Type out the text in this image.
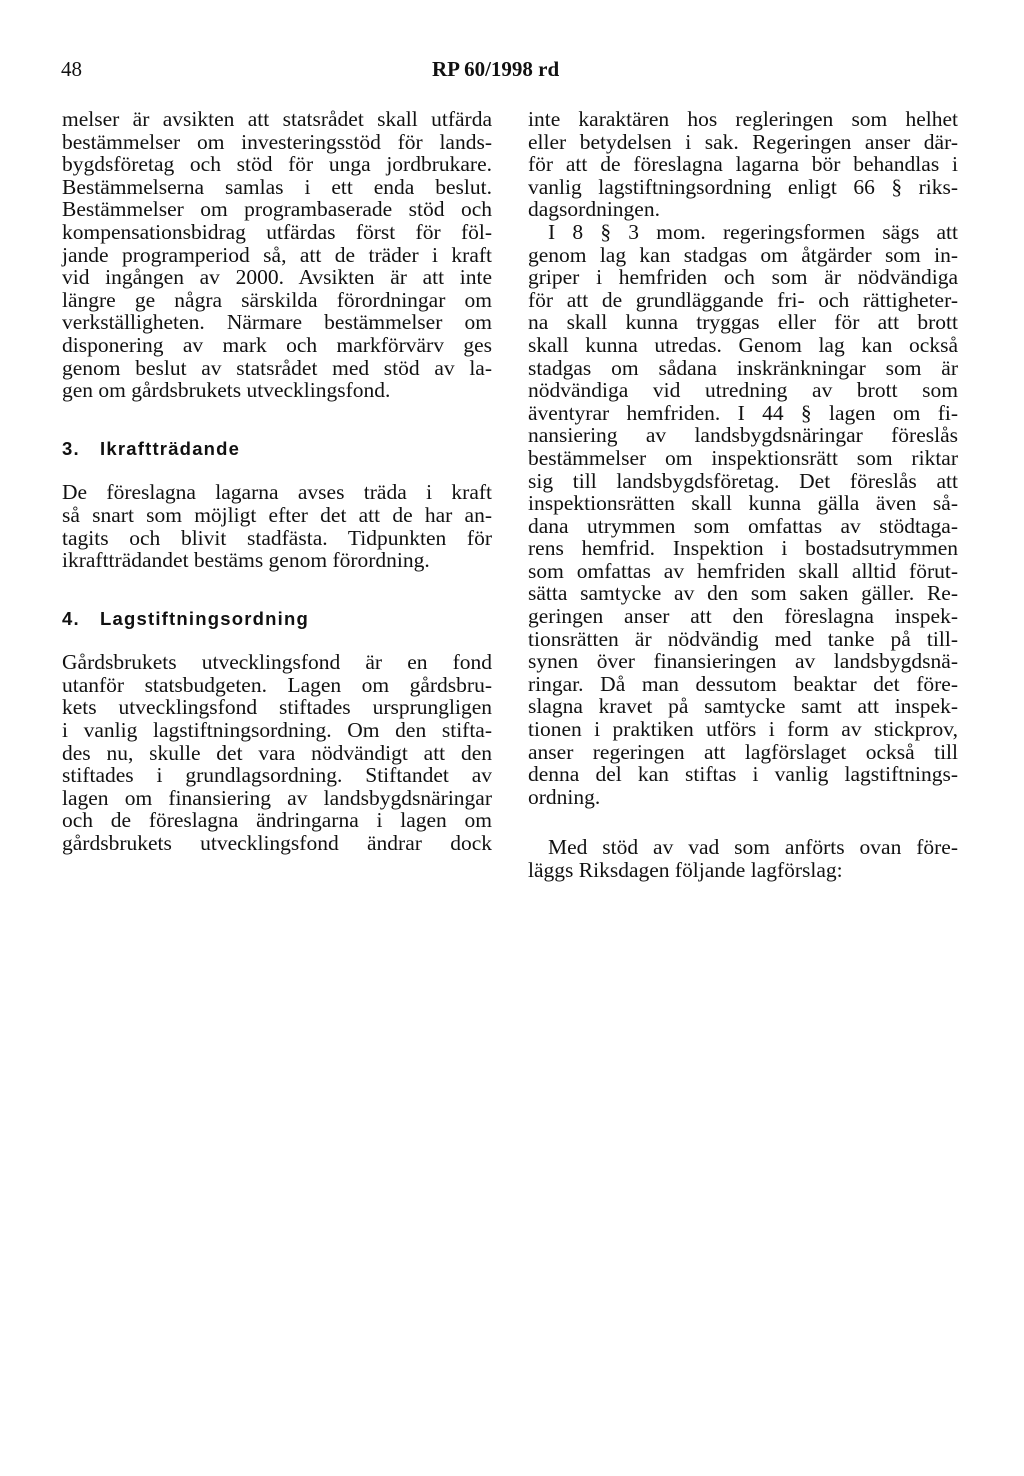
48	RP 60/1998 rd
melser är avsikten att statsrådet skall utfärda
bestämmelser om investeringsstöd för lands-
bygdsföretag och stöd för unga jordbrukare.
Bestämmelserna samlas i ett enda beslut.
Bestämmelser om programbaserade stöd och
kompensationsbidrag utfärdas först för föl-
jande programperiod så, att de träder i kraft
vid ingången av 2000. Avsikten är att inte
längre ge några särskilda förordningar om
verkställigheten. Närmare bestämmelser om
disponering av mark och markförvärv ges
genom beslut av statsrådet med stöd av la-
gen om gårdsbrukets utvecklingsfond.
3. Ikraftträdande
De föreslagna lagarna avses träda i kraft
så snart som möjligt efter det att de har an-
tagits och blivit stadfästa. Tidpunkten för
ikraftträdandet bestäms genom förordning.
4. Lagstiftningsordning
Gårdsbrukets utvecklingsfond är en fond
utanför statsbudgeten. Lagen om gårdsbru-
kets utvecklingsfond stiftades ursprungligen
i vanlig lagstiftningsordning. Om den stifta-
des nu, skulle det vara nödvändigt att den
stiftades i grundlagsordning. Stiftandet av
lagen om finansiering av landsbygdsnäringar
och de föreslagna ändringarna i lagen om
gårdsbrukets utvecklingsfond ändrar dock
inte karaktären hos regleringen som helhet
eller betydelsen i sak. Regeringen anser där-
för att de föreslagna lagarna bör behandlas i
vanlig lagstiftningsordning enligt 66 § riks-
dagsordningen.
I 8 § 3 mom. regeringsformen sägs att
genom lag kan stadgas om åtgärder som in-
griper i hemfriden och som är nödvändiga
för att de grundläggande fri- och rättigheter-
na skall kunna tryggas eller för att brott
skall kunna utredas. Genom lag kan också
stadgas om sådana inskränkningar som är
nödvändiga vid utredning av brott som
äventyrar hemfriden. I 44 § lagen om fi-
nansiering av landsbygdsnäringar föreslås
bestämmelser om inspektionsrätt som riktar
sig till landsbygdsföretag. Det föreslås att
inspektionsrätten skall kunna gälla även så-
dana utrymmen som omfattas av stödtaga-
rens hemfrid. Inspektion i bostadsutrymmen
som omfattas av hemfriden skall alltid förut-
sätta samtycke av den som saken gäller. Re-
geringen anser att den föreslagna inspek-
tionsrätten är nödvändig med tanke på till-
synen över finansieringen av landsbygdsnä-
ringar. Då man dessutom beaktar det före-
slagna kravet på samtycke samt att inspek-
tionen i praktiken utförs i form av stickprov,
anser regeringen att lagförslaget också till
denna del kan stiftas i vanlig lagstiftnings-
ordning.
Med stöd av vad som anförts ovan före-
läggs Riksdagen följande lagförslag:
